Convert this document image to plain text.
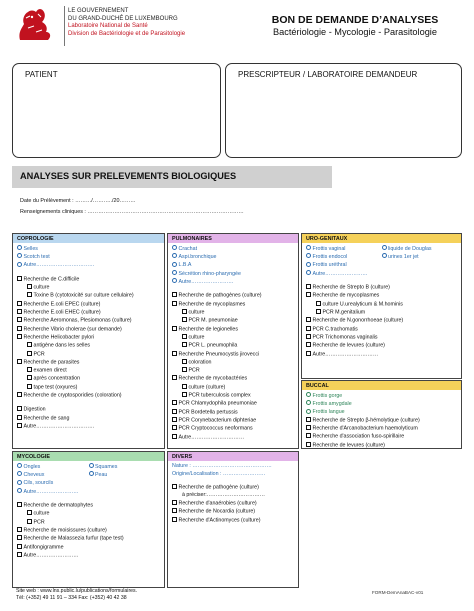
LE GOUVERNEMENT
DU GRAND-DUCHÉ DE LUXEMBOURG
Laboratoire National de Santé
Division de Bactériologie et de Parasitologie
BON DE DEMANDE D’ANALYSES
Bactériologie - Mycologie - Parasitologie
PATIENT	PRESCRIPTEUR / LABORATOIRE DEMANDEUR
ANALYSES SUR PRELEVEMENTS BIOLOGIQUES
Date du Prélèvement : ………/………../20………
Renseignements cliniques : ……………………………………………………………………………
COPROLOGIE
Selles
Scotch test
Autre……………………………
Recherche de C.difficile
culture
Toxine B (cytotoxicité sur culture cellulaire)
Recherche E.coli EPEC (culture)
Recherche E.coli EHEC (culture)
Recherche Aeromonas, Plesiomonas (culture)
Recherche Vibrio cholerae (sur demande)
Recherche Helicobacter pylori
antigène dans les selles
PCR
Recherche de parasites
examen direct
après concentration
tape test (oxyures)
Recherche de cryptosporidies (coloration)
Digestion
Recherche de sang
Autre……………………………
PULMONAIRES
Crachat
Aspi.bronchique
L.B.A
Sécrétion rhino-pharyngée
Autre……………………
Recherche de pathogènes (culture)
Recherche de mycoplasmes
culture
PCR M. pneumoniae
Recherche de legionelles
culture
PCR L. pneumophila
Recherche Pneumocystis jirovecci
coloration
PCR
Recherche de mycobactéries
culture (culture)
PCR tuberculosis complex
PCR Chlamydophila pneumoniae
PCR Bordetella pertussis
PCR Corynebacterium diphteriae
PCR Cryptococcus neoformans
Autre…………………………
URO-GENITAUX
Frottis vaginal	liquide de Douglas
Frottis endocol	urines 1er jet
Frottis uréthral
Autre……………………
Recherche de Strepto B (culture)
Recherche de mycoplasmes
culture U.urealyticum & M.hominis
PCR M.genitalium
Recherche de N.gonorrhoeae (culture)
PCR C.trachomatis
PCR Trichomonas vaginalis
Recherche de levures (culture)
Autre…………………………
BUCCAL
Frottis gorge
Frottis amygdale
Frottis langue
Recherche de Strepto β-hémolytique (culture)
Recherche d'Arcanobacterium haemolyticum
Recherche d'association fuso-spirillaire
Recherche de levures (culture)
MYCOLOGIE
Ongles	Squames
Cheveux	Peau
Cils, sourcils
Autre……………………
Recherche de dermatophytes
culture
PCR
Recherche de moisissures (culture)
Recherche de Malassezia furfur (tape test)
Antifongigramme
Autre……………………
DIVERS
Nature : ………………………………………
Origine/Localisation : ……………………
Recherche de pathogène (culture)
à préciser:……………………………
Recherche d'anaérobies (culture)
Recherche de Nocardia (culture)
Recherche d'Actinomyces (culture)
Site web : www.lns.public.lu/publications/formulaires.
Tél: (+352) 49 11 91 – 334 Fax: (+352) 40 42 38
FORM-DemAnaBAC-v01
